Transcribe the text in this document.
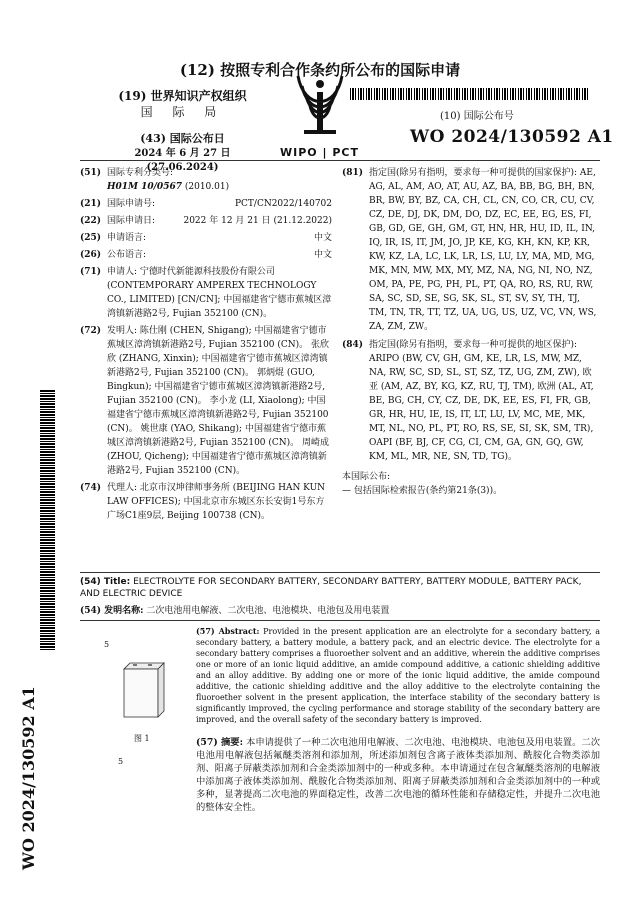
(12) 按照专利合作条约所公布的国际申请
(19) 世界知识产权组织
国 际 局
(43) 国际公布日
2024 年 6 月 27 日 (27.06.2024)
WIPO | PCT
(10) 国际公布号
WO 2024/130592 A1
(51) 国际专利分类号:
H01M 10/0567 (2010.01)
(21) 国际申请号:	PCT/CN2022/140702
(22) 国际申请日:	2022 年 12 月 21 日 (21.12.2022)
(25) 申请语言:	中文
(26) 公布语言:	中文
(71) 申请人: 宁德时代新能源科技股份有限公司 (CONTEMPORARY AMPEREX TECHNOLOGY CO., LIMITED) [CN/CN]; 中国福建省宁德市蕉城区漳湾镇新港路2号, Fujian 352100 (CN)。
(72) 发明人: 陈仕刚 (CHEN, Shigang); 中国福建省宁德市蕉城区漳湾镇新港路2号, Fujian 352100 (CN)。 张欣欣 (ZHANG, Xinxin); 中国福建省宁德市蕉城区漳湾镇新港路2号, Fujian 352100 (CN)。 郭炳焜 (GUO, Bingkun); 中国福建省宁德市蕉城区漳湾镇新港路2号, Fujian 352100 (CN)。 李小龙 (LI, Xiaolong); 中国福建省宁德市蕉城区漳湾镇新港路2号, Fujian 352100 (CN)。 姚世康 (YAO, Shikang); 中国福建省宁德市蕉城区漳湾镇新港路2号, Fujian 352100 (CN)。 周崎成 (ZHOU, Qicheng); 中国福建省宁德市蕉城区漳湾镇新港路2号, Fujian 352100 (CN)。
(74) 代理人: 北京市汉坤律师事务所 (BEIJING HAN KUN LAW OFFICES); 中国北京市东城区东长安街1号东方广场C1座9层, Beijing 100738 (CN)。
(81) 指定国(除另有指明，要求每一种可提供的国家保护): AE, AG, AL, AM, AO, AT, AU, AZ, BA, BB, BG, BH, BN, BR, BW, BY, BZ, CA, CH, CL, CN, CO, CR, CU, CV, CZ, DE, DJ, DK, DM, DO, DZ, EC, EE, EG, ES, FI, GB, GD, GE, GH, GM, GT, HN, HR, HU, ID, IL, IN, IQ, IR, IS, IT, JM, JO, JP, KE, KG, KH, KN, KP, KR, KW, KZ, LA, LC, LK, LR, LS, LU, LY, MA, MD, MG, MK, MN, MW, MX, MY, MZ, NA, NG, NI, NO, NZ, OM, PA, PE, PG, PH, PL, PT, QA, RO, RS, RU, RW, SA, SC, SD, SE, SG, SK, SL, ST, SV, SY, TH, TJ, TM, TN, TR, TT, TZ, UA, UG, US, UZ, VC, VN, WS, ZA, ZM, ZW。
(84) 指定国(除另有指明，要求每一种可提供的地区保护): ARIPO (BW, CV, GH, GM, KE, LR, LS, MW, MZ, NA, RW, SC, SD, SL, ST, SZ, TZ, UG, ZM, ZW), 欧亚 (AM, AZ, BY, KG, KZ, RU, TJ, TM), 欧洲 (AL, AT, BE, BG, CH, CY, CZ, DE, DK, EE, ES, FI, FR, GB, GR, HR, HU, IE, IS, IT, LT, LU, LV, MC, ME, MK, MT, NL, NO, PL, PT, RO, RS, SE, SI, SK, SM, TR), OAPI (BF, BJ, CF, CG, CI, CM, GA, GN, GQ, GW, KM, ML, MR, NE, SN, TD, TG)。
本国际公布:
— 包括国际检索报告(条约第21条(3))。
WO 2024/130592 A1
(54) Title: ELECTROLYTE FOR SECONDARY BATTERY, SECONDARY BATTERY, BATTERY MODULE, BATTERY PACK, AND ELECTRIC DEVICE
(54) 发明名称: 二次电池用电解液、二次电池、电池模块、电池包及用电装置
5
图 1
5
(57) Abstract: Provided in the present application are an electrolyte for a secondary battery, a secondary battery, a battery module, a battery pack, and an electric device. The electrolyte for a secondary battery comprises a fluoroether solvent and an additive, wherein the additive comprises one or more of an ionic liquid additive, an amide compound additive, a cationic shielding additive and an alloy additive. By adding one or more of the ionic liquid additive, the amide compound additive, the cationic shielding additive and the alloy additive to the electrolyte containing the fluoroether solvent in the present application, the interface stability of the secondary battery is significantly improved, the cycling performance and storage stability of the secondary battery are improved, and the overall safety of the secondary battery is improved.
(57) 摘要: 本申请提供了一种二次电池用电解液、二次电池、电池模块、电池包及用电装置。二次电池用电解液包括氟醚类溶剂和添加剂，所述添加剂包含离子液体类添加剂、酰胺化合物类添加剂、阳离子屏蔽类添加剂和合金类添加剂中的一种或多种。本申请通过在包含氟醚类溶剂的电解液中添加离子液体类添加剂、酰胺化合物类添加剂、阳离子屏蔽类添加剂和合金类添加剂中的一种或多种，显著提高二次电池的界面稳定性，改善二次电池的循环性能和存储稳定性，并提升二次电池的整体安全性。
